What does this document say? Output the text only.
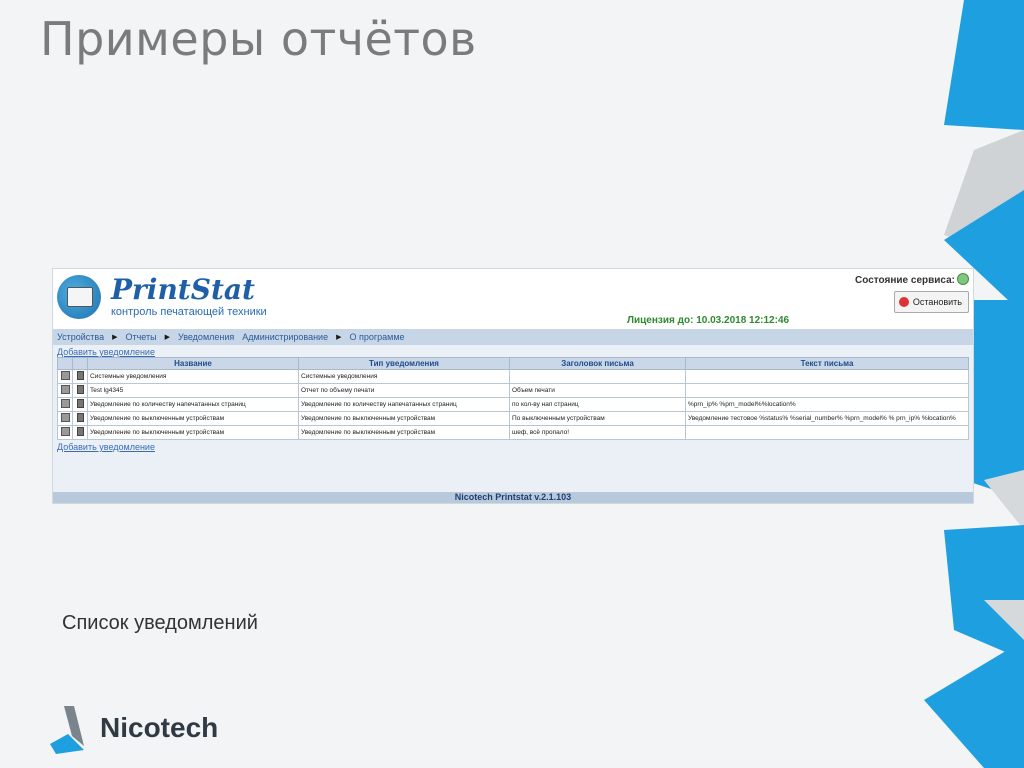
Примеры отчётов
PrintStat
контроль печатающей техники
Состояние сервиса:
Остановить
Лицензия до: 10.03.2018 12:12:46
Устройства ▶ Отчеты ▶ Уведомления Администрирование ▶ О программе
Добавить уведомление
		Название	Тип уведомления	Заголовок письма	Текст письма
		Системные уведомления	Системные уведомления		
		Test lg4345	Отчет по объему печати	Объем печати	
		Уведомление по количеству напечатанных страниц	Уведомление по количеству напечатанных страниц	по кол-ву нап страниц	%prn_ip% %prn_model%%location%
		Уведомление по выключенным устройствам	Уведомление по выключенным устройствам	По выключенным устройствам	Уведомление тестовое %status% %serial_number% %prn_model% % prn_ip% %location%
		Уведомление по выключенным устройствам	Уведомление по выключенным устройствам	шеф, всё пропало!	
Добавить уведомление
Nicotech Printstat v.2.1.103
Список уведомлений
Nicotech
